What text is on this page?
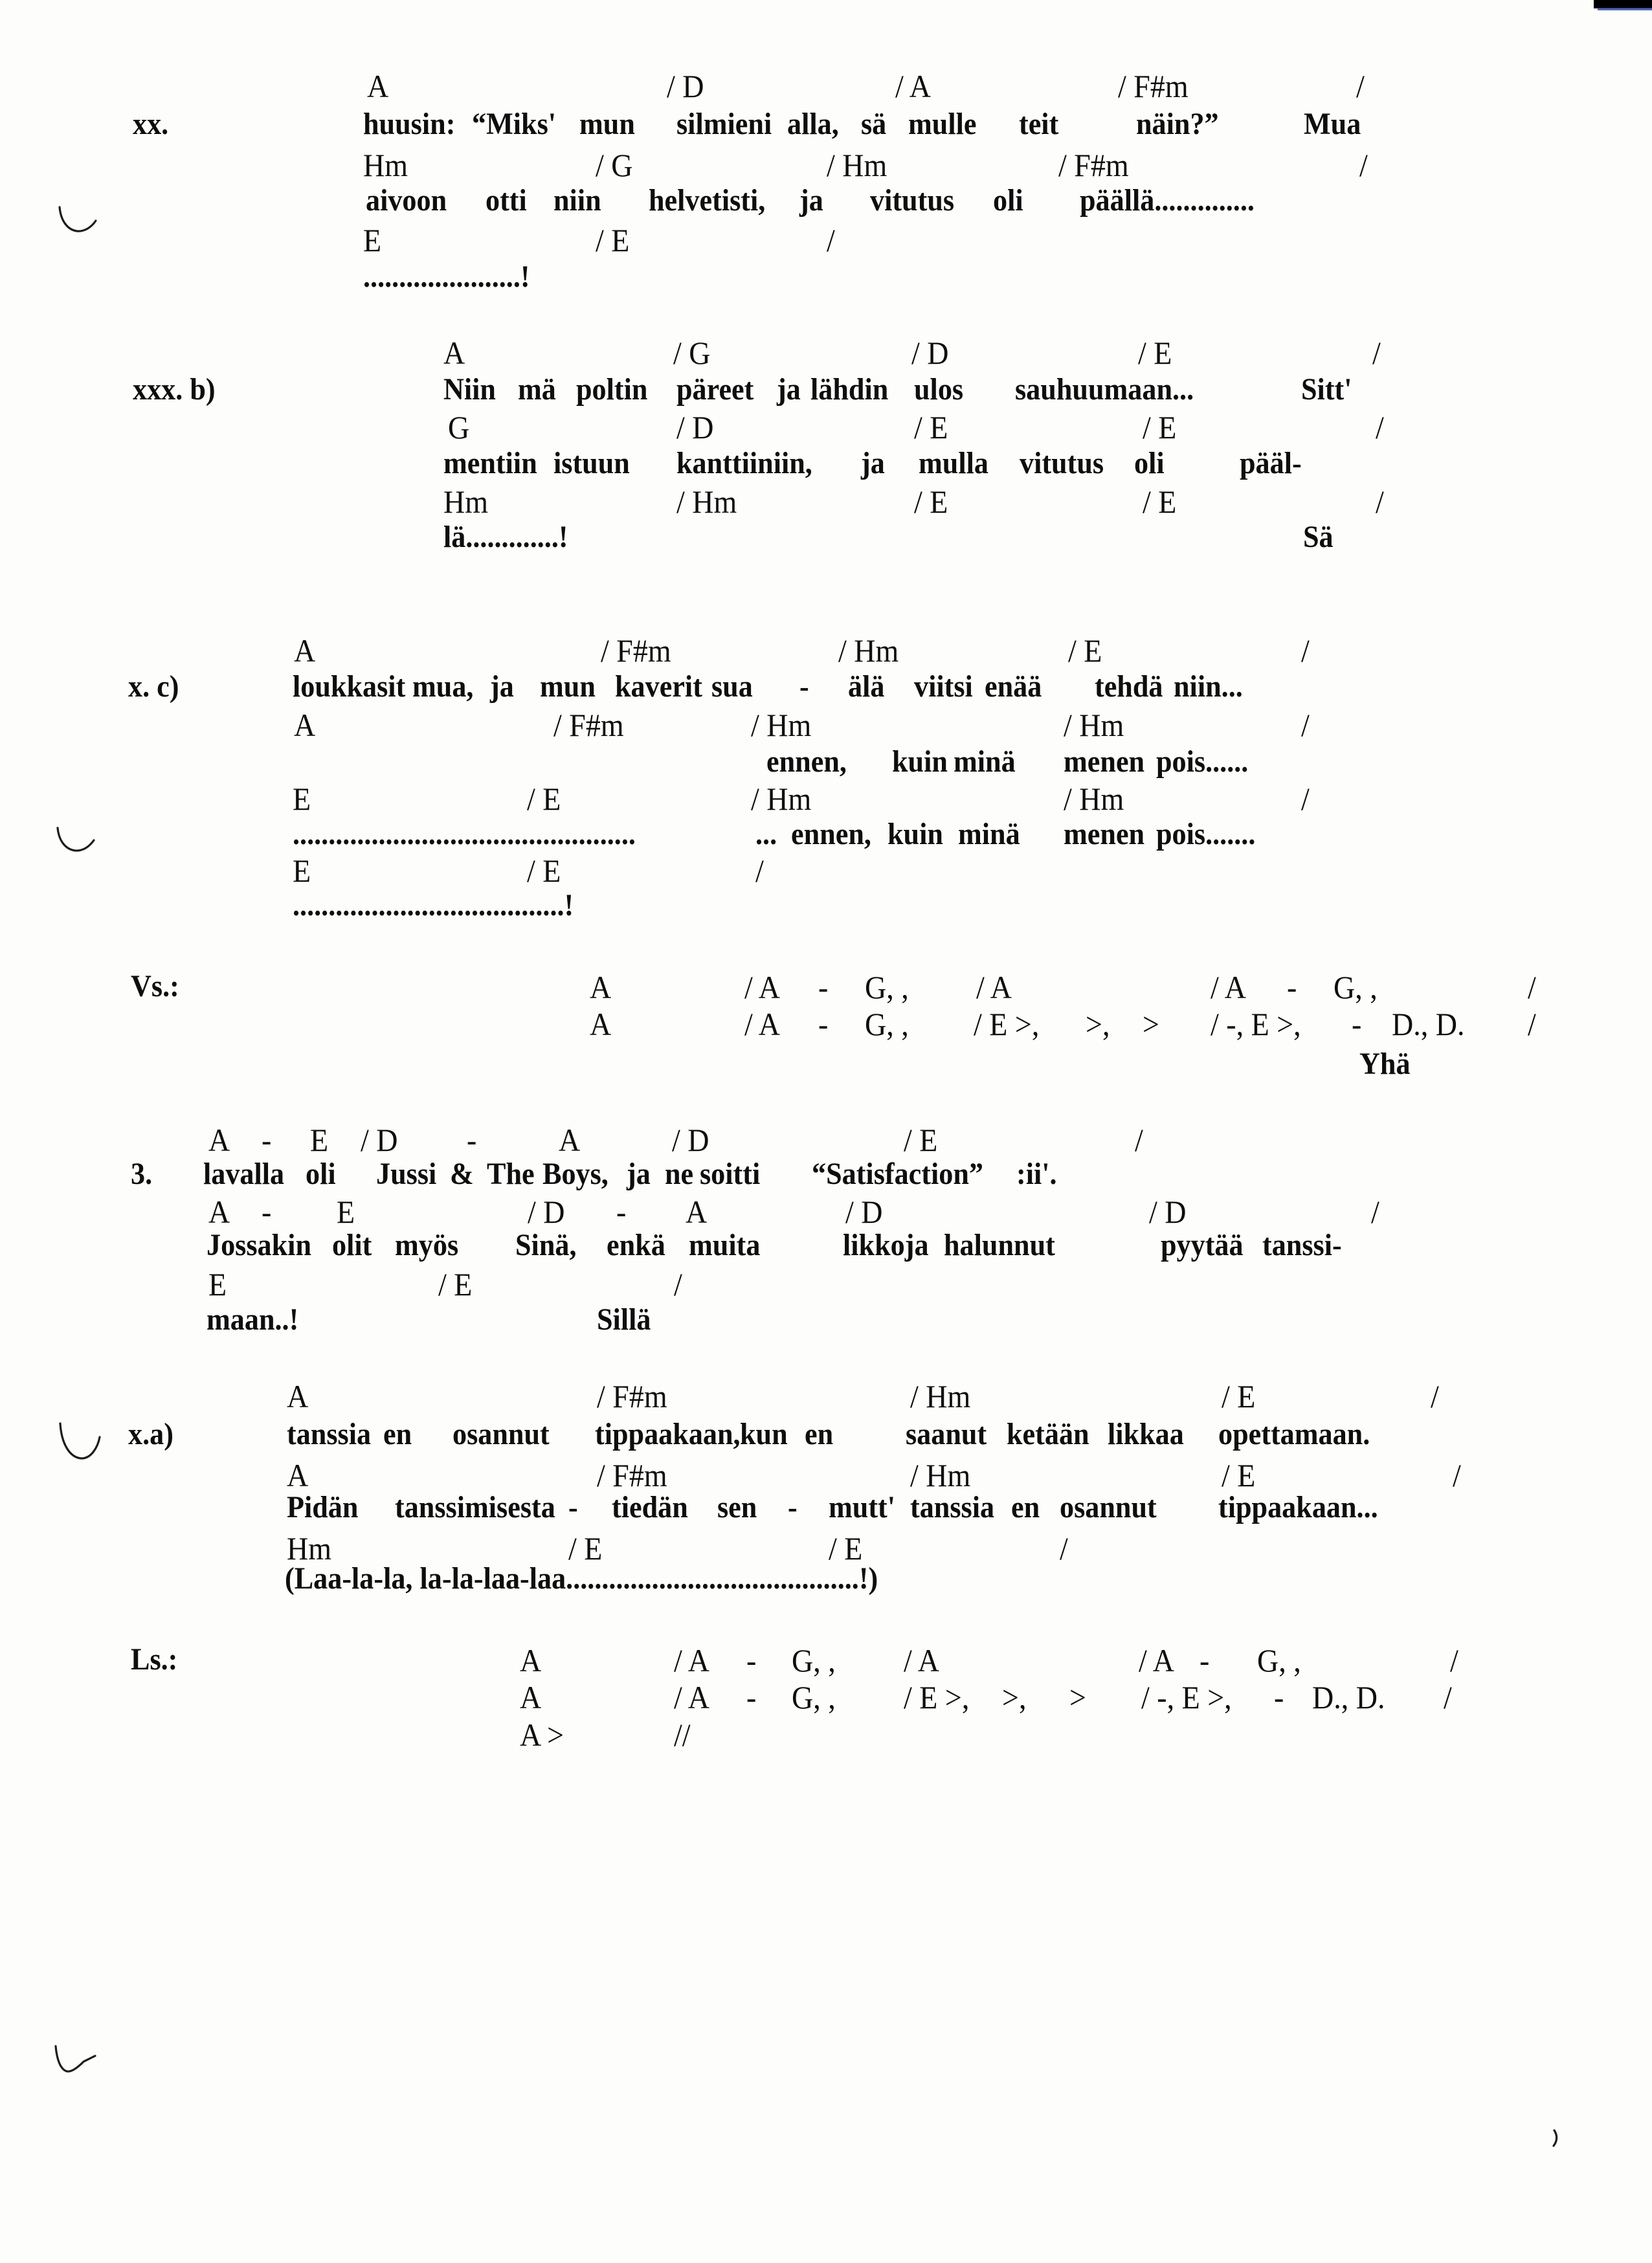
A	/ D	/ A	/ F#m	/
xx.	huusin: “Miks' mun silmieni alla, sä mulle teit näin?”	Mua
Hm	/ G	/ Hm	/ F#m	/
aivoon otti niin helvetisti, ja vitutus oli päällä..............
E	/ E	/
......................!
A	/ G	/ D	/ E	/
xxx. b)	Niin mä poltin päreet ja lähdin ulos sauhuumaan...	Sitt'
G	/ D	/ E	/ E	/
mentiin istuun kanttiiniin, ja mulla vitutus oli pääl-
Hm	/ Hm	/ E	/ E	/
lä.............!	Sä
A	/ F#m	/ Hm	/ E	/
x. c)	loukkasit mua, ja mun kaverit sua - älä viitsi enää tehdä niin...
A	/ F#m	/ Hm	/ Hm	/
ennen, kuin minä menen pois......
E	/ E	/ Hm	/ Hm	/
................................................	... ennen, kuin minä menen pois.......
E	/ E	/
......................................!
Vs.:	A	/ A - G, , / A	/ A - G, ,	/
A	/ A - G, , / E >, >, > / -, E >, - D., D. /
Yhä
A - E / D -	A	/ D	/ E	/
3. lavalla oli Jussi & The Boys, ja ne soitti “Satisfaction” :ii'.
A - E	/ D - A	/ D	/ D	/
Jossakin olit myös Sinä, enkä muita	likkoja halunnut	pyytää tanssi-
E	/ E	/
maan..!	Sillä
A	/ F#m	/ Hm	/ E	/
x.a)	tanssia en osannut tippaakaan, kun en saanut ketään likkaa opettamaan.
A	/ F#m	/ Hm	/ E	/
Pidän tanssimisesta - tiedän sen - mutt' tanssia en osannut tippaakaan...
Hm	/ E	/ E	/
(Laa-la-la, la-la-laa-laa.........................................!)
Ls.:	A	/ A - G, , / A	/ A - G, ,	/
A	/ A - G, , / E >, >, > / -, E >, - D., D. /
A >	//
